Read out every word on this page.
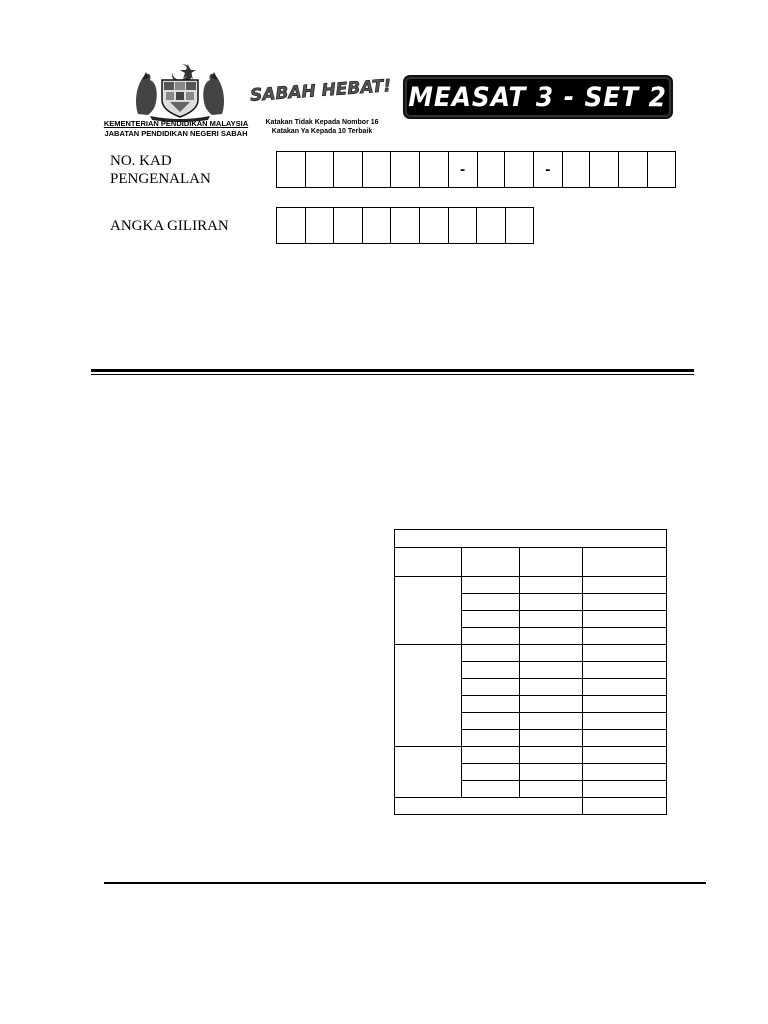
KEMENTERIAN PENDIDIKAN MALAYSIA
JABATAN PENDIDIKAN NEGERI SABAH
SABAH HEBAT!
Katakan Tidak Kepada Nombor 16
Katakan Ya Kepada 10 Terbaik
MEASAT 3 - SET 2
NO. KAD
PENGENALAN
-	-
ANGKA GILIRAN
